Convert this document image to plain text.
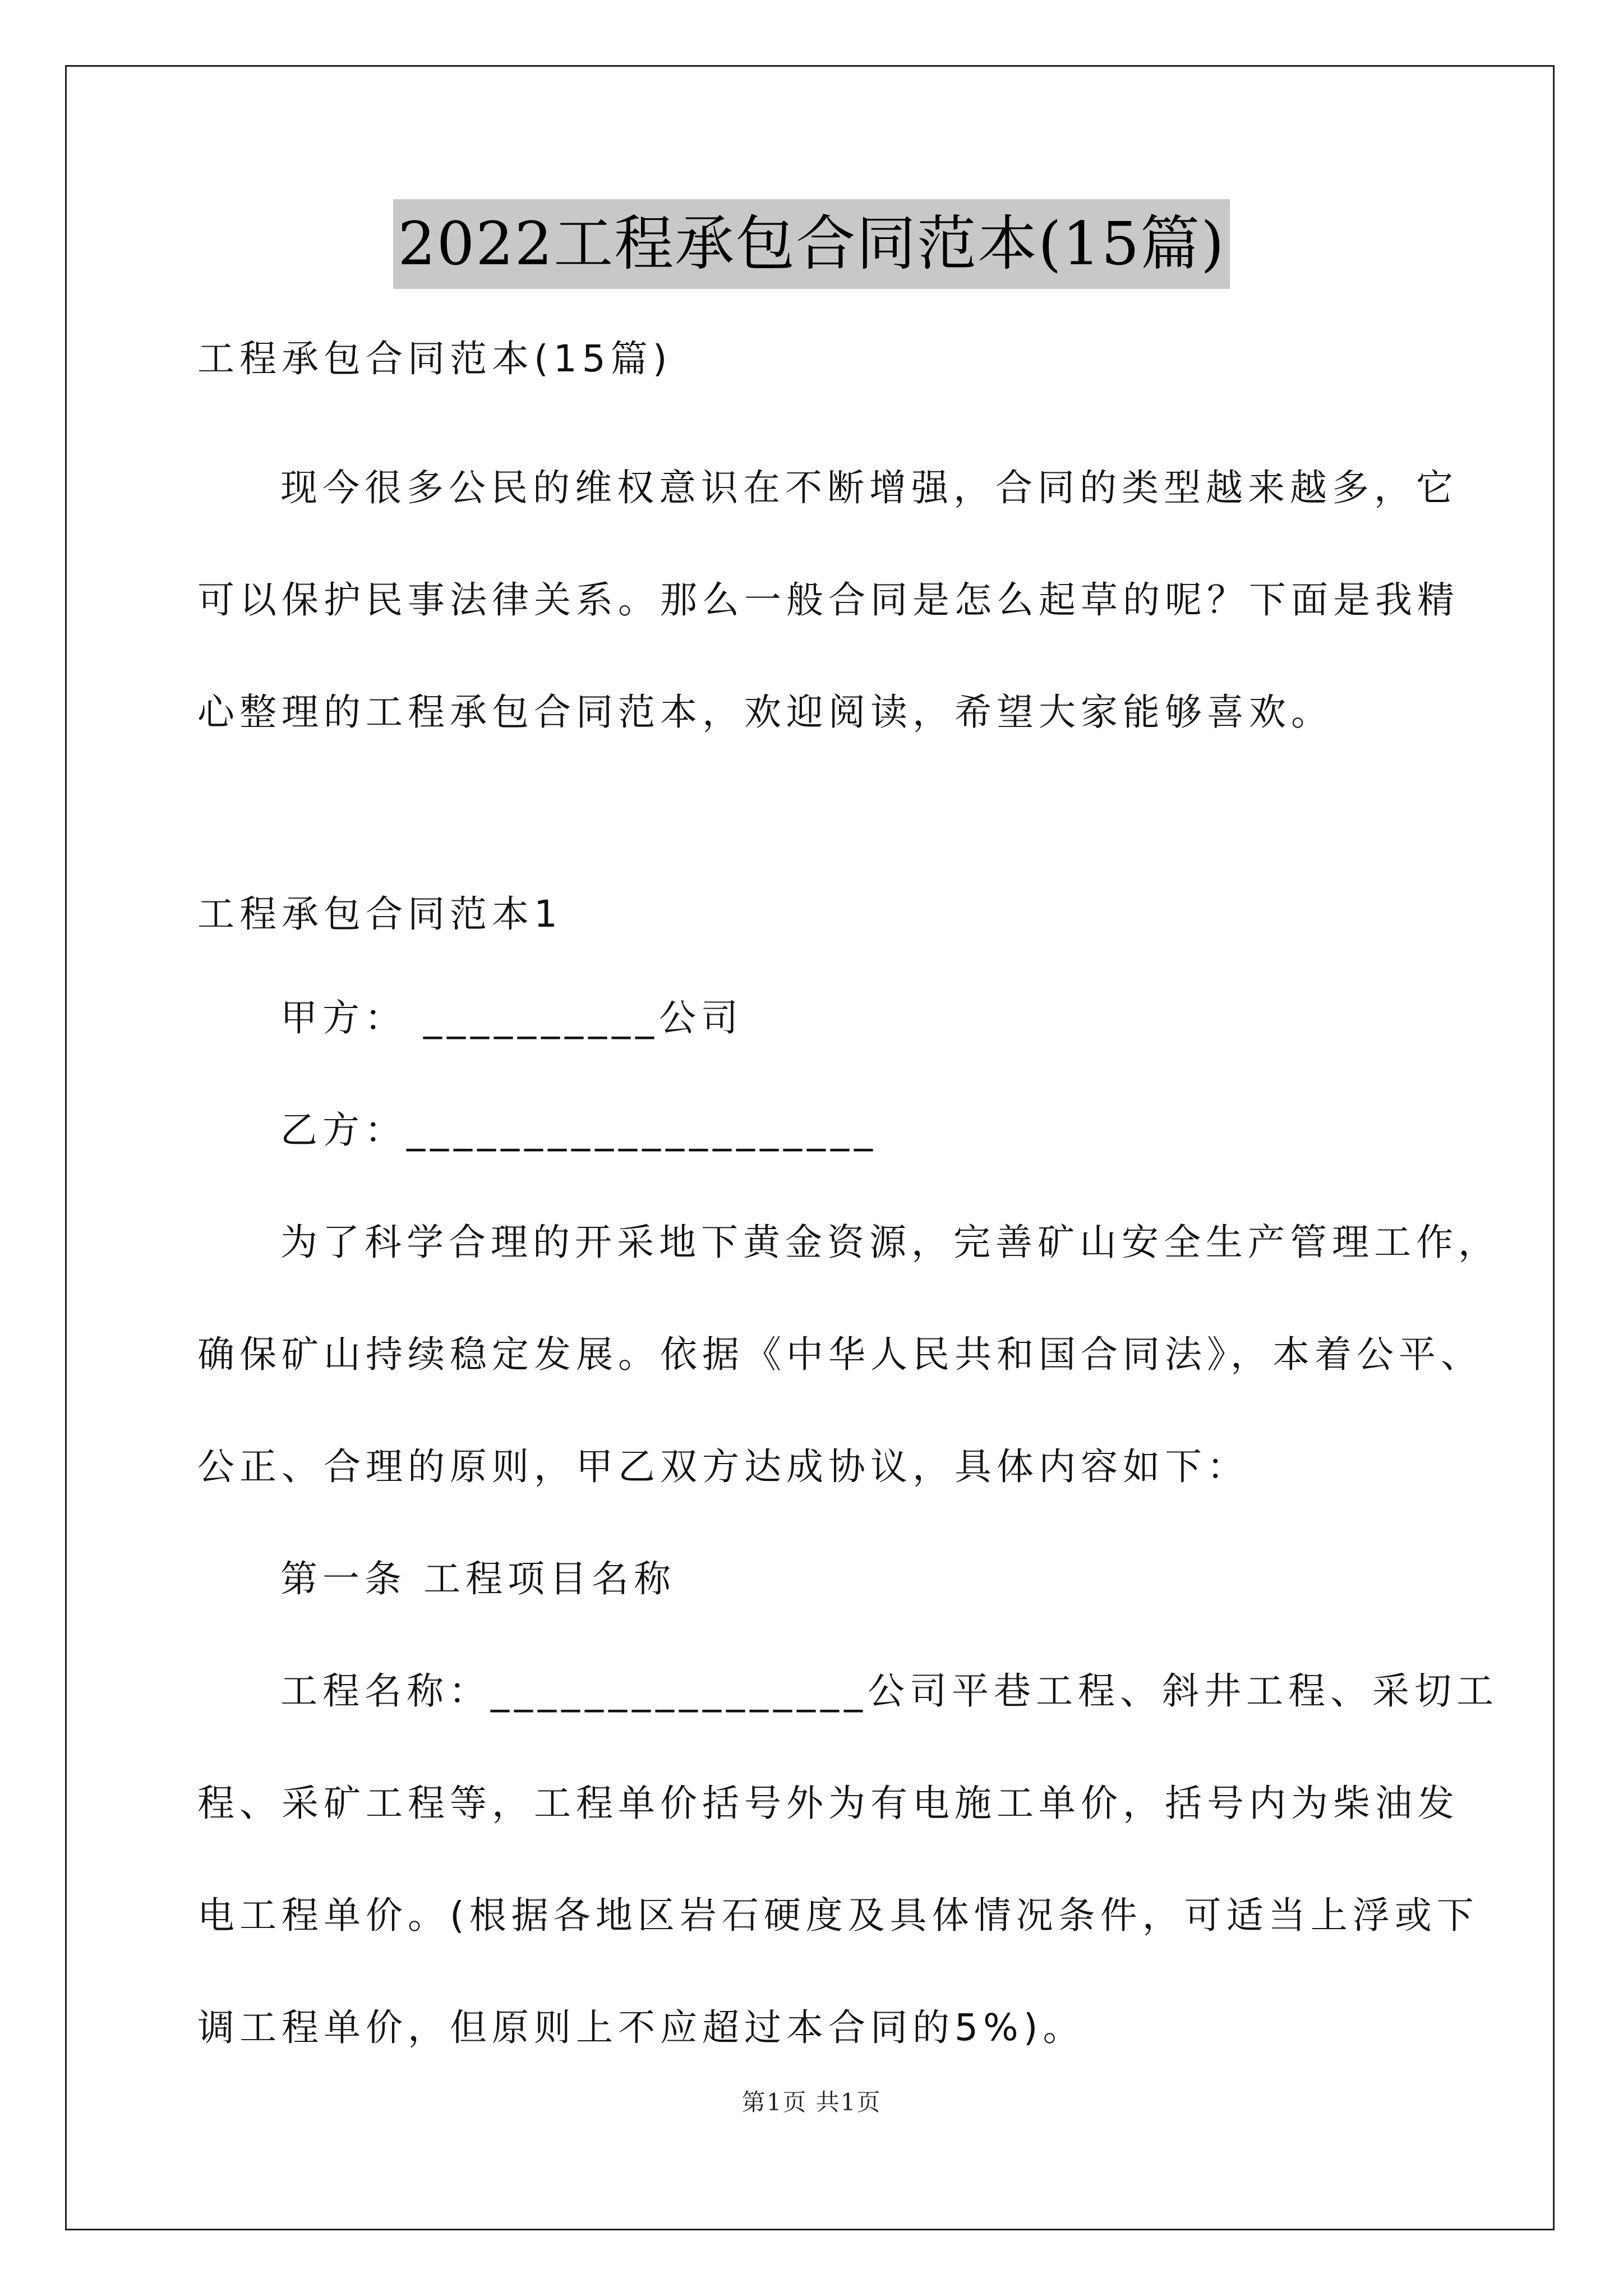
2022工程承包合同范本(15篇)
工程承包合同范本(15篇)
现今很多公民的维权意识在不断增强，合同的类型越来越多，它
可以保护民事法律关系。那么一般合同是怎么起草的呢？下面是我精
心整理的工程承包合同范本，欢迎阅读，希望大家能够喜欢。
工程承包合同范本1
甲方： __________公司
乙方：____________________
为了科学合理的开采地下黄金资源，完善矿山安全生产管理工作，
确保矿山持续稳定发展。依据《中华人民共和国合同法》，本着公平、
公正、合理的原则，甲乙双方达成协议，具体内容如下：
第一条 工程项目名称
工程名称：________________公司平巷工程、斜井工程、采切工
程、采矿工程等，工程单价括号外为有电施工单价，括号内为柴油发
电工程单价。(根据各地区岩石硬度及具体情况条件，可适当上浮或下
调工程单价，但原则上不应超过本合同的5%)。
第1页 共1页
